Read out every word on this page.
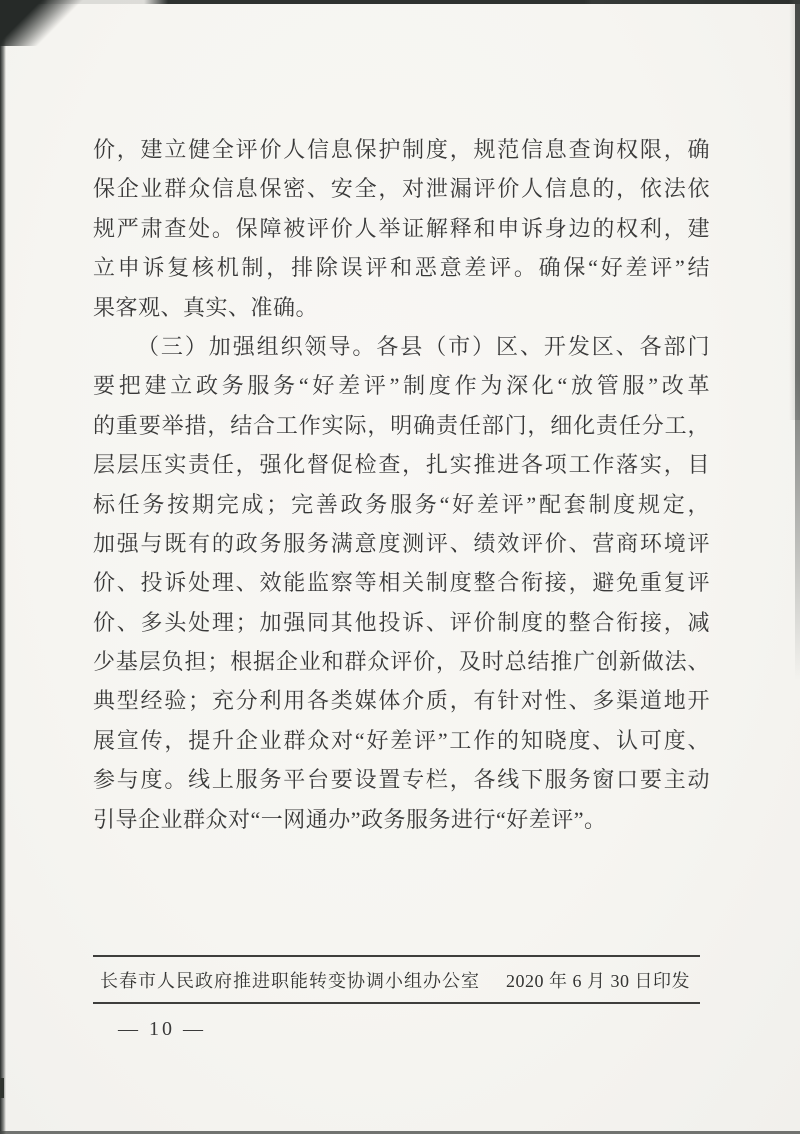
价，建立健全评价人信息保护制度，规范信息查询权限，确
保企业群众信息保密、安全，对泄漏评价人信息的，依法依
规严肃查处。保障被评价人举证解释和申诉身边的权利，建
立申诉复核机制，排除误评和恶意差评。确保“好差评”结
果客观、真实、准确。
（三）加强组织领导。各县（市）区、开发区、各部门
要把建立政务服务“好差评”制度作为深化“放管服”改革
的重要举措，结合工作实际，明确责任部门，细化责任分工，
层层压实责任，强化督促检查，扎实推进各项工作落实，目
标任务按期完成；完善政务服务“好差评”配套制度规定，
加强与既有的政务服务满意度测评、绩效评价、营商环境评
价、投诉处理、效能监察等相关制度整合衔接，避免重复评
价、多头处理；加强同其他投诉、评价制度的整合衔接，减
少基层负担；根据企业和群众评价，及时总结推广创新做法、
典型经验；充分利用各类媒体介质，有针对性、多渠道地开
展宣传，提升企业群众对“好差评”工作的知晓度、认可度、
参与度。线上服务平台要设置专栏，各线下服务窗口要主动
引导企业群众对“一网通办”政务服务进行“好差评”。
长春市人民政府推进职能转变协调小组办公室 2020 年 6 月 30 日印发
— 10 —
